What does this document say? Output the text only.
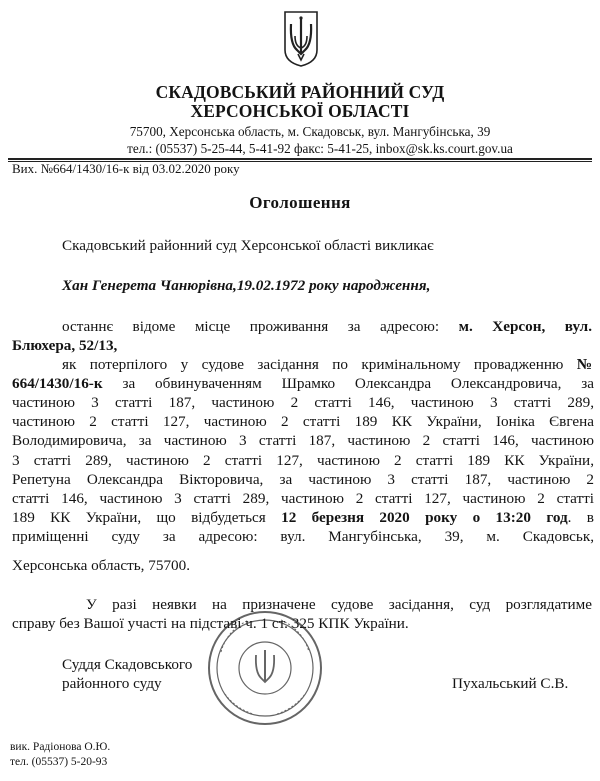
СКАДОВСЬКИЙ РАЙОННИЙ СУД
ХЕРСОНСЬКОЇ ОБЛАСТІ
75700, Херсонська область, м. Скадовськ, вул. Мангубінська, 39
тел.: (05537) 5-25-44, 5-41-92 факс: 5-41-25, inbox@sk.ks.court.gov.ua
Вих. №664/1430/16-к від 03.02.2020 року
Оголошення
Скадовський районний суд Херсонської області викликає
Хан Генерета Чанюрівна,19.02.1972 року народження,
останнє відоме місце проживання за адресою: м. Херсон, вул.
Блюхера, 52/13,
як потерпілого у судове засідання по кримінальному провадженню №
664/1430/16-к за обвинуваченням Шрамко Олександра Олександровича, за
частиною 3 статті 187, частиною 2 статті 146, частиною 3 статті 289,
частиною 2 статті 127, частиною 2 статті 189 КК України, Іоніка Євгена
Володимировича, за частиною 3 статті 187, частиною 2 статті 146, частиною
3 статті 289, частиною 2 статті 127, частиною 2 статті 189 КК України,
Репетуна Олександра Вікторовича, за частиною 3 статті 187, частиною 2
статті 146, частиною 3 статті 289, частиною 2 статті 127, частиною 2 статті
189 КК України, що відбудеться 12 березня 2020 року о 13:20 год. в
приміщенні суду за адресою: вул. Мангубінська, 39, м. Скадовськ,
Херсонська область, 75700.
У разі неявки на призначене судове засідання, суд розглядатиме
справу без Вашої участі на підставі ч. 1 ст. 325 КПК України.
Суддя Скадовського
районного суду	Пухальський С.В.
вик. Радіонова О.Ю.
тел. (05537) 5-20-93
